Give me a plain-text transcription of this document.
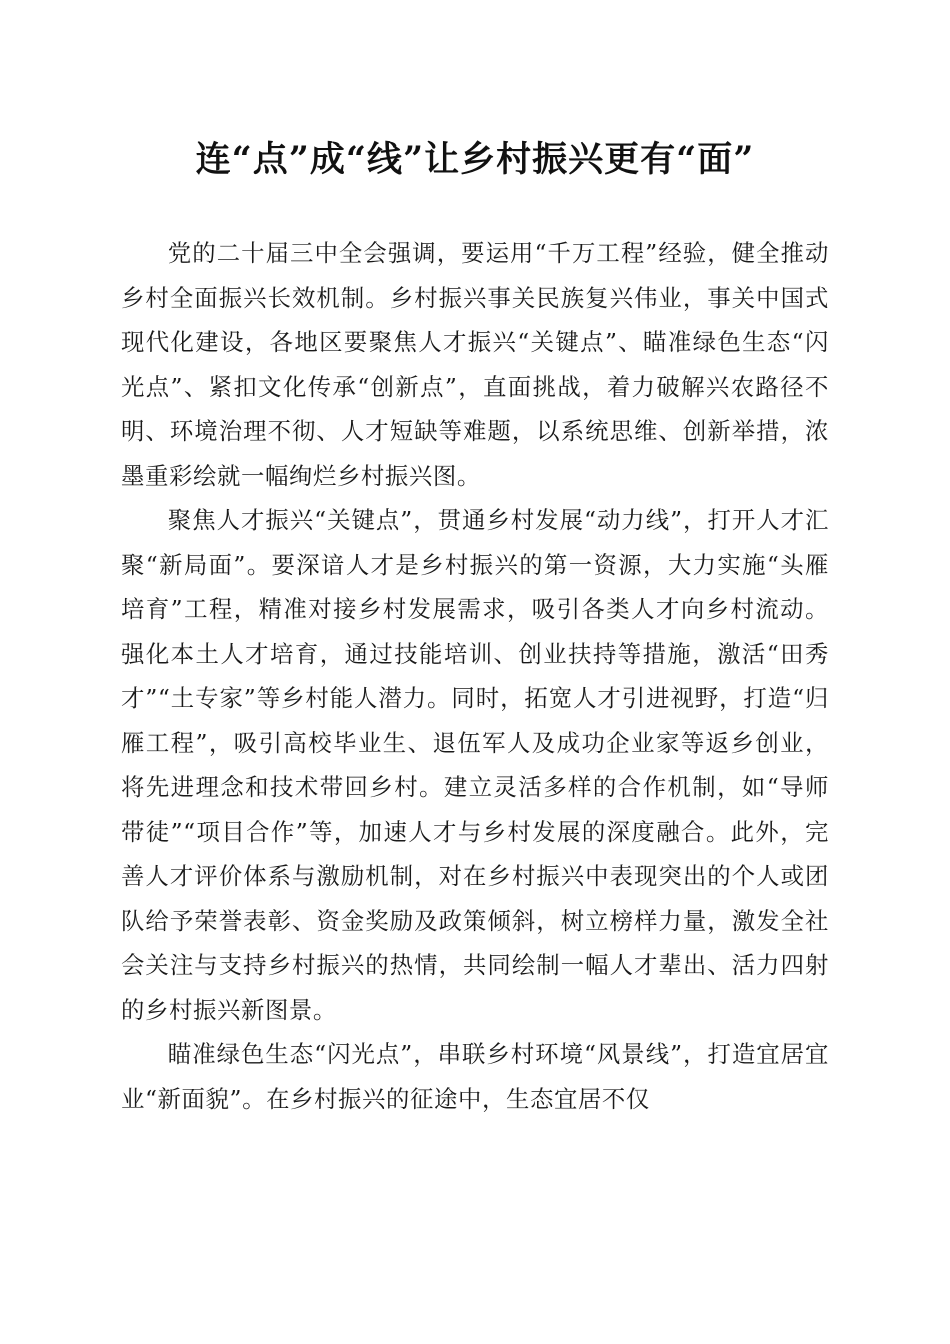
连“点”成“线”让乡村振兴更有“面”

党的二十届三中全会强调，要运用“千万工程”经验，健全推动乡村全面振兴长效机制。乡村振兴事关民族复兴伟业，事关中国式现代化建设，各地区要聚焦人才振兴“关键点”、瞄准绿色生态“闪光点”、紧扣文化传承“创新点”，直面挑战，着力破解兴农路径不明、环境治理不彻、人才短缺等难题，以系统思维、创新举措，浓墨重彩绘就一幅绚烂乡村振兴图。

聚焦人才振兴“关键点”，贯通乡村发展“动力线”，打开人才汇聚“新局面”。要深谙人才是乡村振兴的第一资源，大力实施“头雁培育”工程，精准对接乡村发展需求，吸引各类人才向乡村流动。强化本土人才培育，通过技能培训、创业扶持等措施，激活“田秀才”“土专家”等乡村能人潜力。同时，拓宽人才引进视野，打造“归雁工程”，吸引高校毕业生、退伍军人及成功企业家等返乡创业，将先进理念和技术带回乡村。建立灵活多样的合作机制，如“导师带徒”“项目合作”等，加速人才与乡村发展的深度融合。此外，完善人才评价体系与激励机制，对在乡村振兴中表现突出的个人或团队给予荣誉表彰、资金奖励及政策倾斜，树立榜样力量，激发全社会关注与支持乡村振兴的热情，共同绘制一幅人才辈出、活力四射的乡村振兴新图景。

瞄准绿色生态“闪光点”，串联乡村环境“风景线”，打造宜居宜业“新面貌”。在乡村振兴的征途中，生态宜居不仅
